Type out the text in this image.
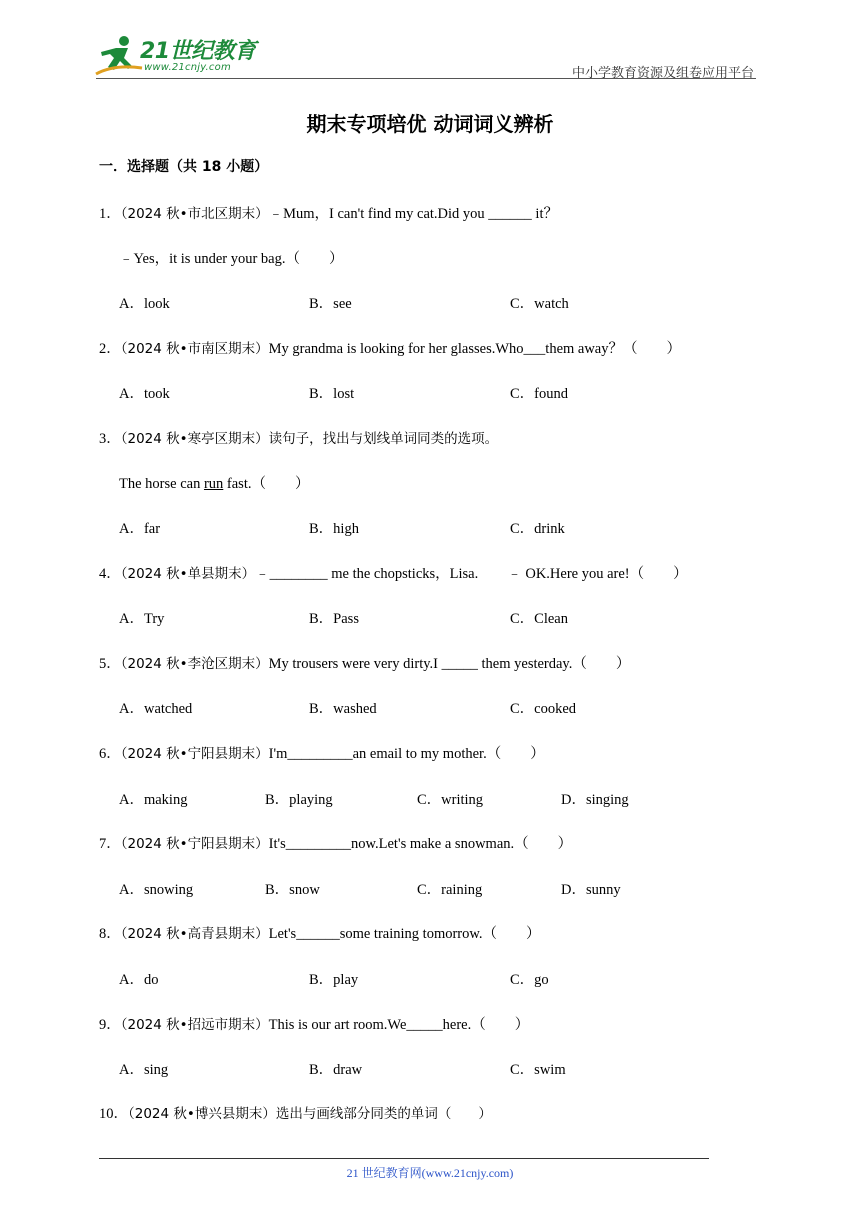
21世纪教育
www.21cnjy.com	中小学教育资源及组卷应用平台
期末专项培优 动词词义辨析
一．选择题（共 18 小题）
1．（2024 秋•市北区期末）﹣Mum，I can't find my cat.Did you ______ it？
﹣Yes，it is under your bag.（　　）
A．look	B．see	C．watch
2．（2024 秋•市南区期末）My grandma is looking for her glasses.Who___them away？（　　）
A．took	B．lost	C．found
3．（2024 秋•寒亭区期末）读句子，找出与划线单词同类的选项。
The horse can run fast.（　　）
A．far	B．high	C．drink
4．（2024 秋•单县期末）﹣________ me the chopsticks，Lisa.　　﹣ OK.Here you are!（　　）
A．Try	B．Pass	C．Clean
5．（2024 秋•李沧区期末）My trousers were very dirty.I _____ them yesterday.（　　）
A．watched	B．washed	C．cooked
6．（2024 秋•宁阳县期末）I'm_________an email to my mother.（　　）
A．making	B．playing	C．writing	D．singing
7．（2024 秋•宁阳县期末）It's_________now.Let's make a snowman.（　　）
A．snowing	B．snow	C．raining	D．sunny
8．（2024 秋•高青县期末）Let's______some training tomorrow.（　　）
A．do	B．play	C．go
9．（2024 秋•招远市期末）This is our art room.We_____here.（　　）
A．sing	B．draw	C．swim
10．（2024 秋•博兴县期末）选出与画线部分同类的单词（　　）
21 世纪教育网(www.21cnjy.com)
